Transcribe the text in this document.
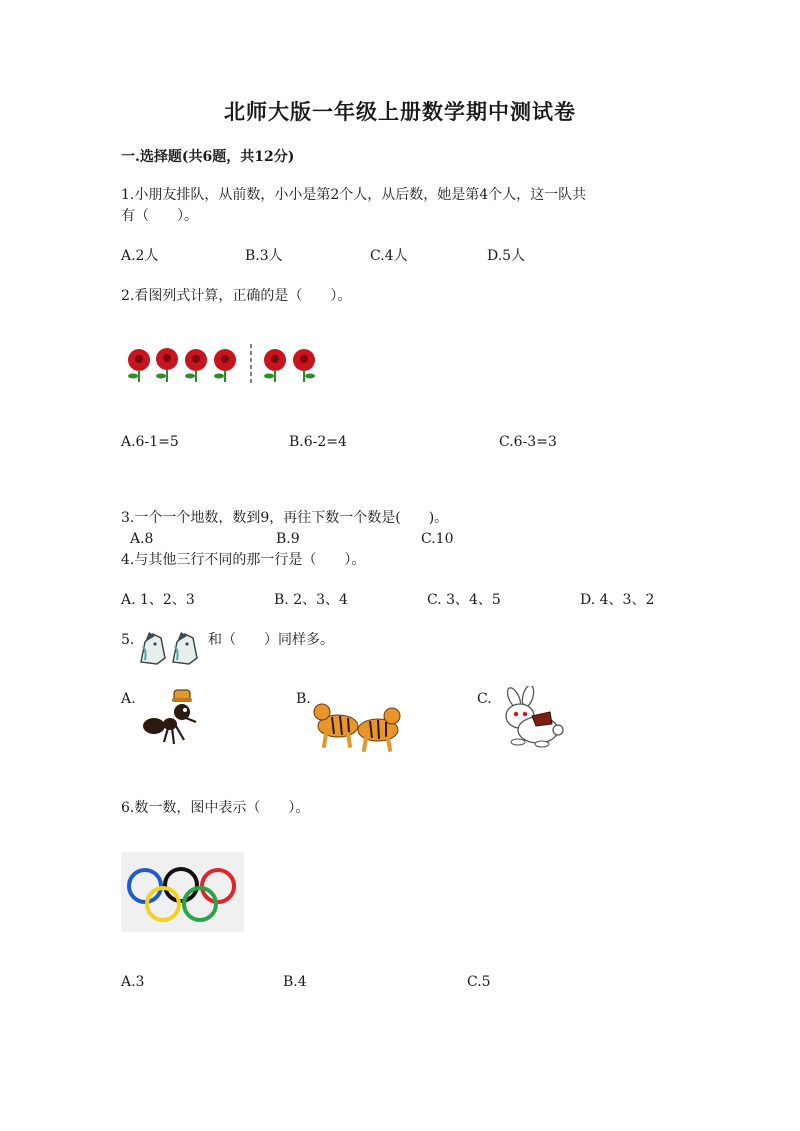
北师大版一年级上册数学期中测试卷
一.选择题(共6题，共12分)
1.小朋友排队，从前数，小小是第2个人，从后数，她是第4个人，这一队共
有（　　）。
A.2人	B.3人	C.4人	D.5人
2.看图列式计算，正确的是（　　）。
A.6-1=5	B.6-2=4	C.6-3=3
3.一个一个地数，数到9，再往下数一个数是(　　)。
A.8	B.9	C.10
4.与其他三行不同的那一行是（　　）。
A. 1、2、3	B. 2、3、4	C. 3、4、5	D. 4、3、2
5.	和（　　）同样多。
A.	B.	C.
6.数一数，图中表示（　　）。
A.3	B.4	C.5
